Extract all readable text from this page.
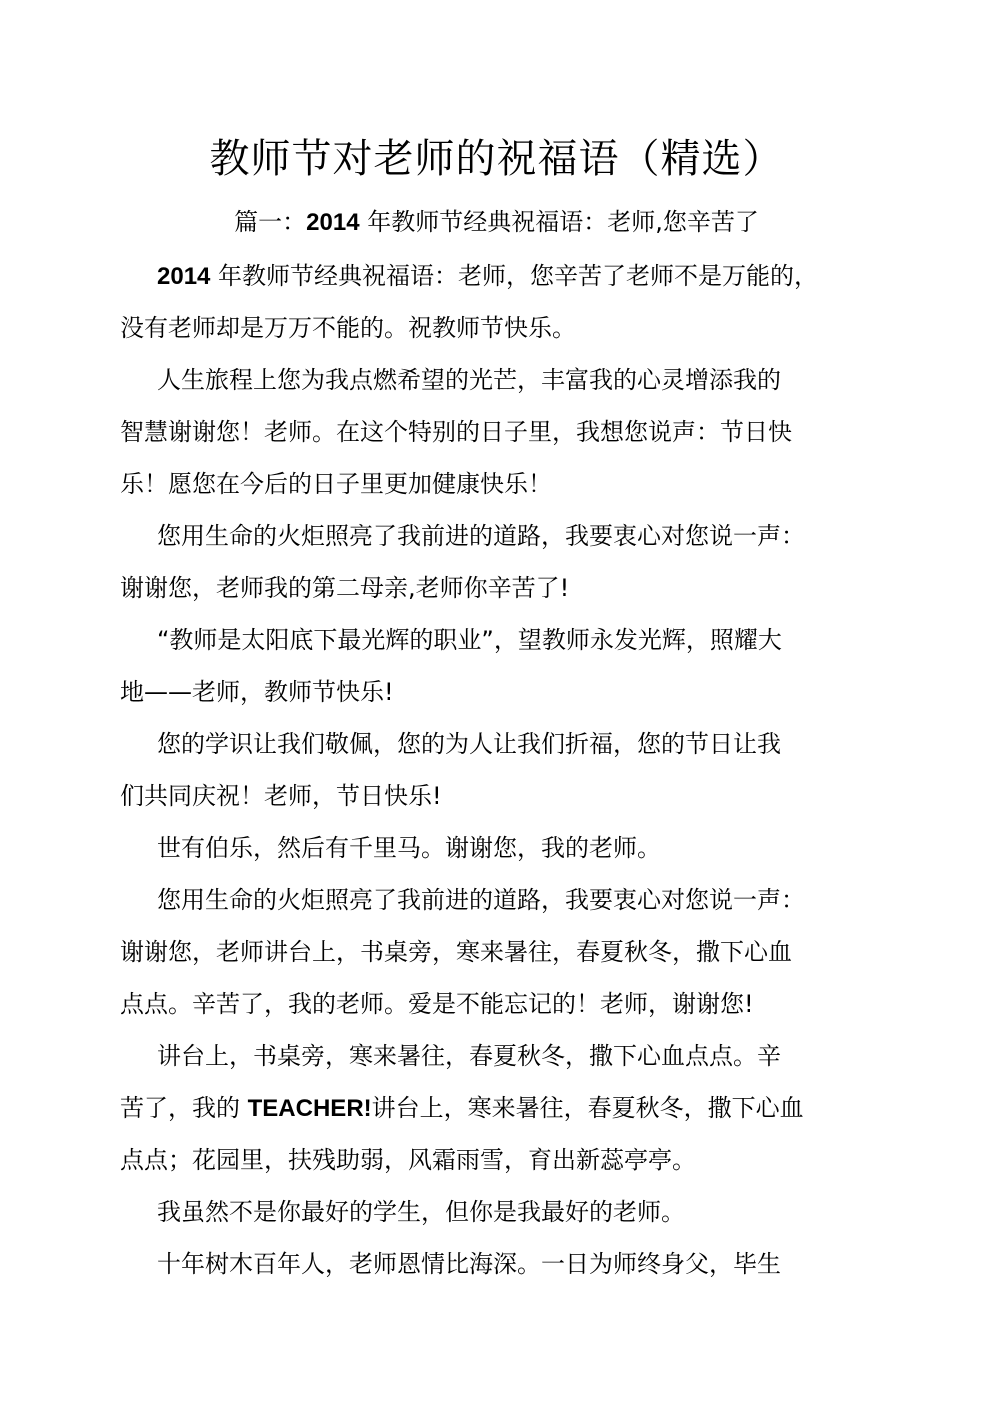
教师节对老师的祝福语（精选）

篇一：2014 年教师节经典祝福语：老师,您辛苦了

2014 年教师节经典祝福语：老师，您辛苦了老师不是万能的，

没有老师却是万万不能的。祝教师节快乐。

人生旅程上您为我点燃希望的光芒，丰富我的心灵增添我的

智慧谢谢您！老师。在这个特别的日子里，我想您说声：节日快

乐！愿您在今后的日子里更加健康快乐！

您用生命的火炬照亮了我前进的道路，我要衷心对您说一声：

谢谢您，老师我的第二母亲,老师你辛苦了!

“教师是太阳底下最光辉的职业”，望教师永发光辉，照耀大

地——老师，教师节快乐!

您的学识让我们敬佩，您的为人让我们折福，您的节日让我

们共同庆祝！老师，节日快乐!

世有伯乐，然后有千里马。谢谢您，我的老师。

您用生命的火炬照亮了我前进的道路，我要衷心对您说一声：

谢谢您，老师讲台上，书桌旁，寒来暑往，春夏秋冬，撒下心血

点点。辛苦了，我的老师。爱是不能忘记的！老师，谢谢您!

讲台上，书桌旁，寒来暑往，春夏秋冬，撒下心血点点。辛

苦了，我的 TEACHER!讲台上，寒来暑往，春夏秋冬，撒下心血

点点；花园里，扶残助弱，风霜雨雪，育出新蕊亭亭。

我虽然不是你最好的学生，但你是我最好的老师。

十年树木百年人，老师恩情比海深。一日为师终身父，毕生
